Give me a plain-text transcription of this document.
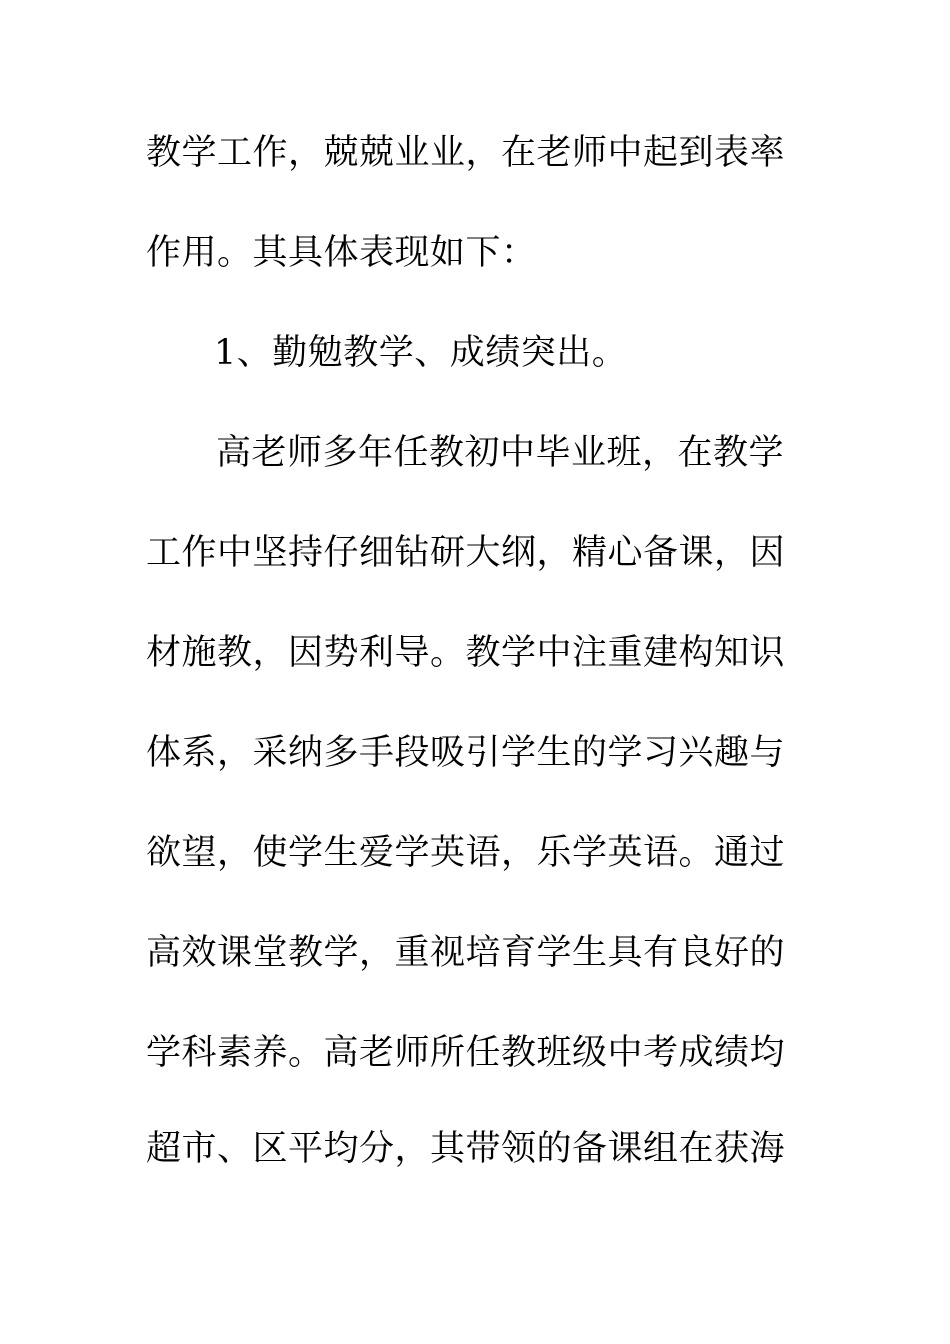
教学工作，兢兢业业，在老师中起到表率
作用。其具体表现如下：
1、勤勉教学、成绩突出。
高老师多年任教初中毕业班，在教学
工作中坚持仔细钻研大纲，精心备课，因
材施教，因势利导。教学中注重建构知识
体系，采纳多手段吸引学生的学习兴趣与
欲望，使学生爱学英语，乐学英语。通过
高效课堂教学，重视培育学生具有良好的
学科素养。高老师所任教班级中考成绩均
超市、区平均分，其带领的备课组在获海
